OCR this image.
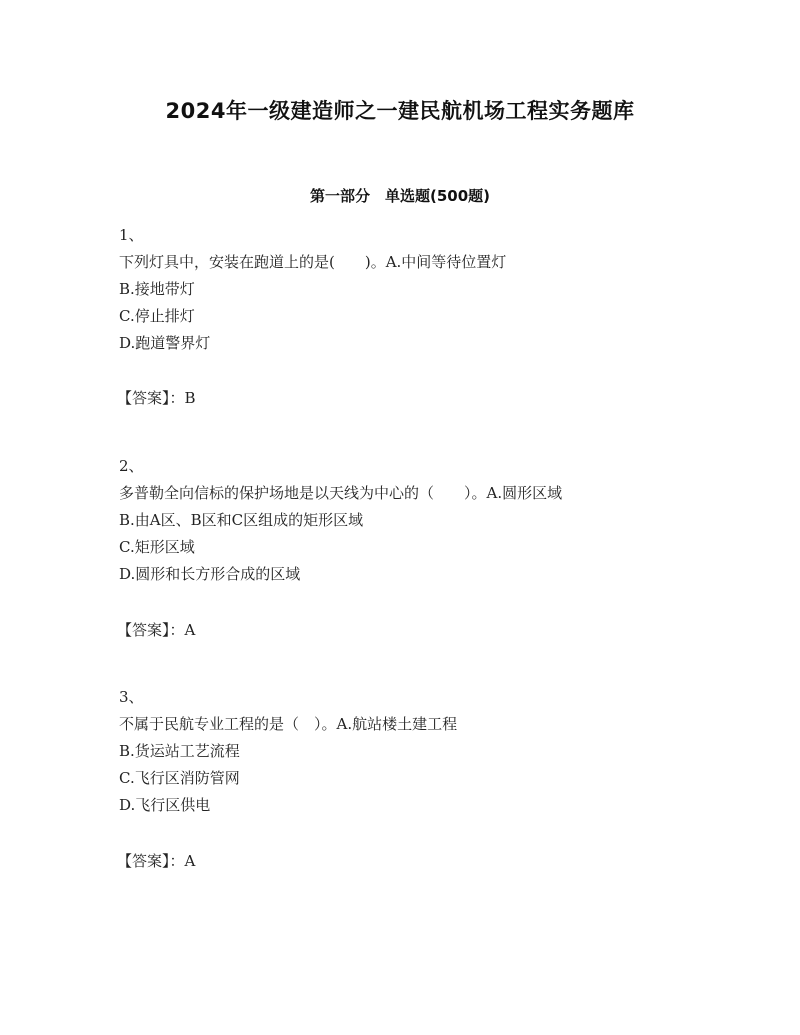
2024年一级建造师之一建民航机场工程实务题库
第一部分　单选题(500题)
1、
下列灯具中，安装在跑道上的是(　　)。A.中间等待位置灯
B.接地带灯
C.停止排灯
D.跑道警界灯
【答案】：B
2、
多普勒全向信标的保护场地是以天线为中心的（　　）。A.圆形区域
B.由A区、B区和C区组成的矩形区域
C.矩形区域
D.圆形和长方形合成的区域
【答案】：A
3、
不属于民航专业工程的是（　）。A.航站楼土建工程
B.货运站工艺流程
C.飞行区消防管网
D.飞行区供电
【答案】：A
